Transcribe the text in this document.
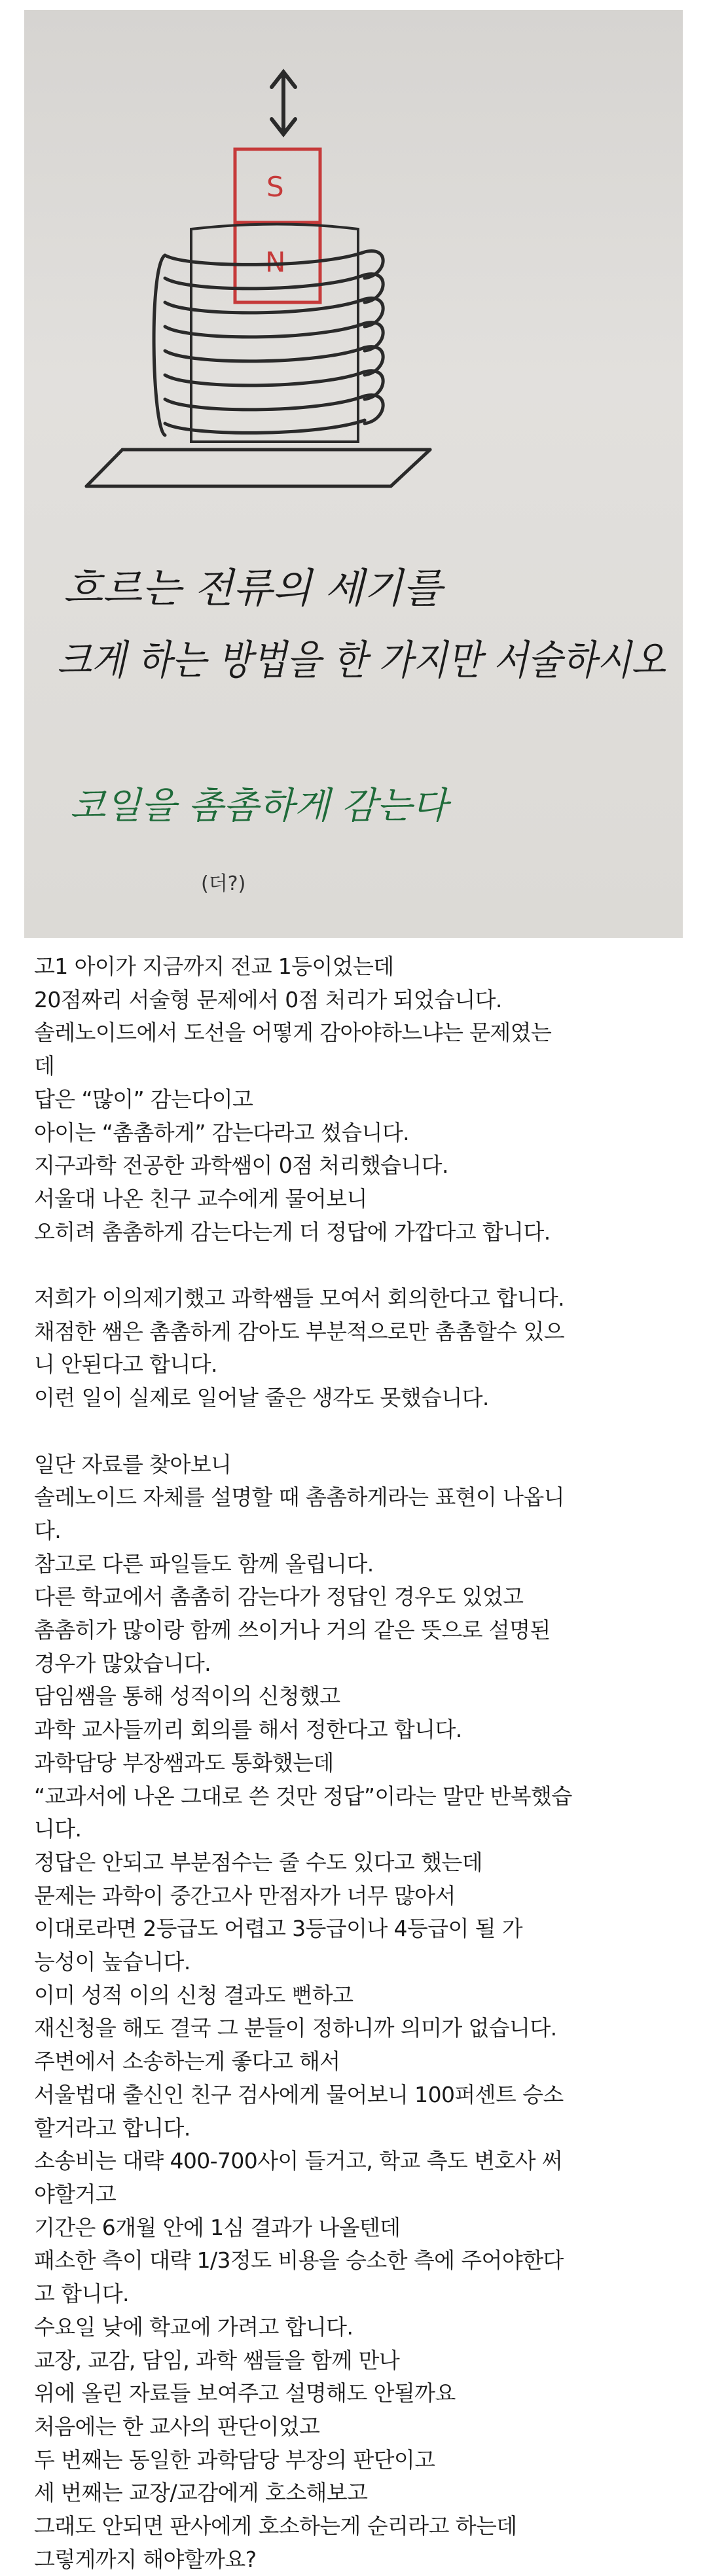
S
N
흐르는 전류의 세기를
크게 하는 방법을 한 가지만 서술하시오
코일을 촘촘하게 감는다
(더?)
고1 아이가 지금까지 전교 1등이었는데
20점짜리 서술형 문제에서 0점 처리가 되었습니다.
솔레노이드에서 도선을 어떻게 감아야하느냐는 문제였는
데
답은 “많이” 감는다이고
아이는 “촘촘하게” 감는다라고 썼습니다.
지구과학 전공한 과학쌤이 0점 처리했습니다.
서울대 나온 친구 교수에게 물어보니
오히려 촘촘하게 감는다는게 더 정답에 가깝다고 합니다.
저희가 이의제기했고 과학쌤들 모여서 회의한다고 합니다.
채점한 쌤은 촘촘하게 감아도 부분적으로만 촘촘할수 있으
니 안된다고 합니다.
이런 일이 실제로 일어날 줄은 생각도 못했습니다.
일단 자료를 찾아보니
솔레노이드 자체를 설명할 때 촘촘하게라는 표현이 나옵니
다.
참고로 다른 파일들도 함께 올립니다.
다른 학교에서 촘촘히 감는다가 정답인 경우도 있었고
촘촘히가 많이랑 함께 쓰이거나 거의 같은 뜻으로 설명된
경우가 많았습니다.
담임쌤을 통해 성적이의 신청했고
과학 교사들끼리 회의를 해서 정한다고 합니다.
과학담당 부장쌤과도 통화했는데
“교과서에 나온 그대로 쓴 것만 정답”이라는 말만 반복했습
니다.
정답은 안되고 부분점수는 줄 수도 있다고 했는데
문제는 과학이 중간고사 만점자가 너무 많아서
이대로라면 2등급도 어렵고 3등급이나 4등급이 될 가
능성이 높습니다.
이미 성적 이의 신청 결과도 뻔하고
재신청을 해도 결국 그 분들이 정하니까 의미가 없습니다.
주변에서 소송하는게 좋다고 해서
서울법대 출신인 친구 검사에게 물어보니 100퍼센트 승소
할거라고 합니다.
소송비는 대략 400-700사이 들거고, 학교 측도 변호사 써
야할거고
기간은 6개월 안에 1심 결과가 나올텐데
패소한 측이 대략 1/3정도 비용을 승소한 측에 주어야한다
고 합니다.
수요일 낮에 학교에 가려고 합니다.
교장, 교감, 담임, 과학 쌤들을 함께 만나
위에 올린 자료들 보여주고 설명해도 안될까요
처음에는 한 교사의 판단이었고
두 번째는 동일한 과학담당 부장의 판단이고
세 번째는 교장/교감에게 호소해보고
그래도 안되면 판사에게 호소하는게 순리라고 하는데
그렇게까지 해야할까요?
